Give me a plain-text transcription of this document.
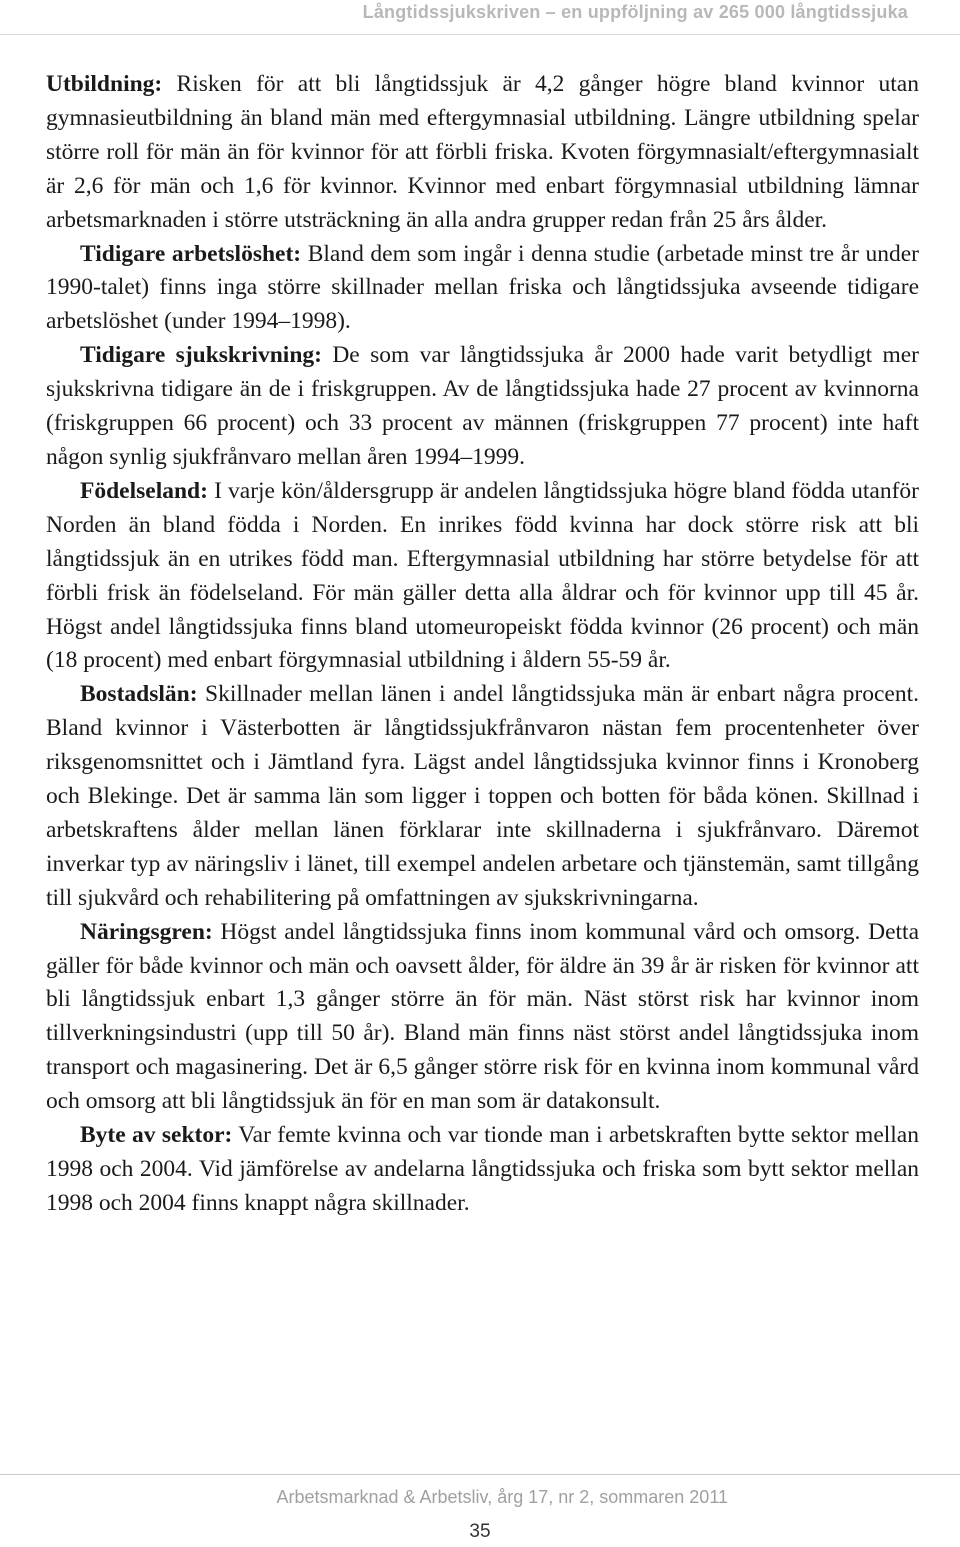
Långtidssjukskriven – en uppföljning av 265 000 långtidssjuka

Utbildning: Risken för att bli långtidssjuk är 4,2 gånger högre bland kvinnor utan gymnasieutbildning än bland män med eftergymnasial utbildning. Längre utbildning spelar större roll för män än för kvinnor för att förbli friska. Kvoten förgymnasialt/eftergymnasialt är 2,6 för män och 1,6 för kvinnor. Kvinnor med enbart förgymnasial utbildning lämnar arbetsmarknaden i större utsträckning än alla andra grupper redan från 25 års ålder.

Tidigare arbetslöshet: Bland dem som ingår i denna studie (arbetade minst tre år under 1990-talet) finns inga större skillnader mellan friska och långtidssjuka avseende tidigare arbetslöshet (under 1994–1998).

Tidigare sjukskrivning: De som var långtidssjuka år 2000 hade varit betydligt mer sjukskrivna tidigare än de i friskgruppen. Av de långtidssjuka hade 27 procent av kvinnorna (friskgruppen 66 procent) och 33 procent av männen (friskgruppen 77 procent) inte haft någon synlig sjukfrånvaro mellan åren 1994–1999.

Födelseland: I varje kön/åldersgrupp är andelen långtidssjuka högre bland födda utanför Norden än bland födda i Norden. En inrikes född kvinna har dock större risk att bli långtidssjuk än en utrikes född man. Eftergymnasial utbildning har större betydelse för att förbli frisk än födelseland. För män gäller detta alla åldrar och för kvinnor upp till 45 år. Högst andel långtidssjuka finns bland utomeuropeiskt födda kvinnor (26 procent) och män (18 procent) med enbart förgymnasial utbildning i åldern 55-59 år.

Bostadslän: Skillnader mellan länen i andel långtidssjuka män är enbart några procent. Bland kvinnor i Västerbotten är långtidssjukfrånvaron nästan fem procentenheter över riksgenomsnittet och i Jämtland fyra. Lägst andel långtidssjuka kvinnor finns i Kronoberg och Blekinge. Det är samma län som ligger i toppen och botten för båda könen. Skillnad i arbetskraftens ålder mellan länen förklarar inte skillnaderna i sjukfrånvaro. Däremot inverkar typ av näringsliv i länet, till exempel andelen arbetare och tjänstemän, samt tillgång till sjukvård och rehabilitering på omfattningen av sjukskrivningarna.

Näringsgren: Högst andel långtidssjuka finns inom kommunal vård och omsorg. Detta gäller för både kvinnor och män och oavsett ålder, för äldre än 39 år är risken för kvinnor att bli långtidssjuk enbart 1,3 gånger större än för män. Näst störst risk har kvinnor inom tillverkningsindustri (upp till 50 år). Bland män finns näst störst andel långtidssjuka inom transport och magasinering. Det är 6,5 gånger större risk för en kvinna inom kommunal vård och omsorg att bli långtidssjuk än för en man som är datakonsult.

Byte av sektor: Var femte kvinna och var tionde man i arbetskraften bytte sektor mellan 1998 och 2004. Vid jämförelse av andelarna långtidssjuka och friska som bytt sektor mellan 1998 och 2004 finns knappt några skillnader.

Arbetsmarknad & Arbetsliv, årg 17, nr 2, sommaren 2011
35
